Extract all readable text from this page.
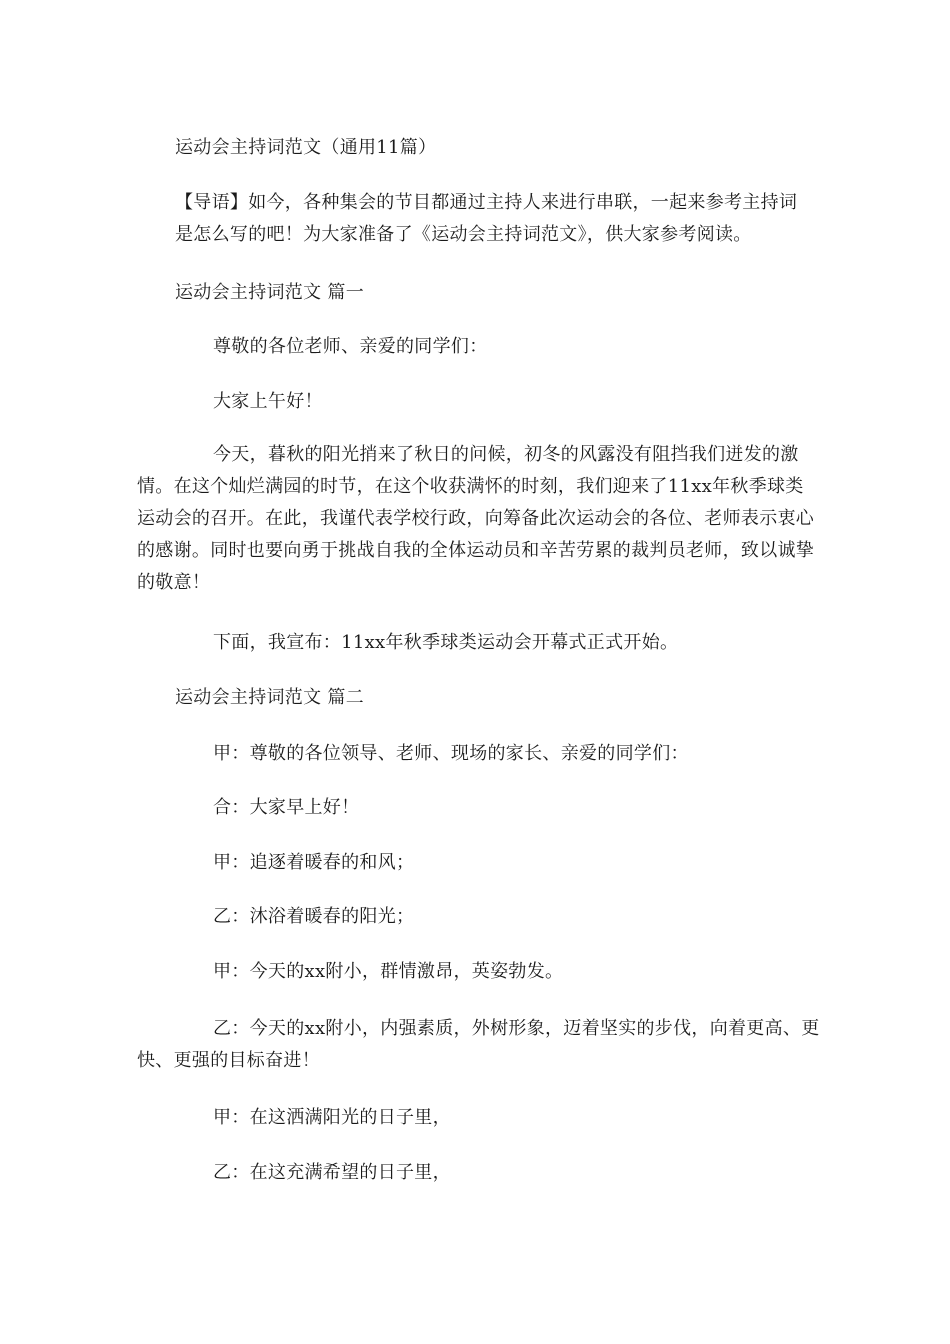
运动会主持词范文（通用11篇）
【导语】如今，各种集会的节目都通过主持人来进行串联，一起来参考主持词是怎么写的吧！为大家准备了《运动会主持词范文》，供大家参考阅读。
运动会主持词范文 篇一
尊敬的各位老师、亲爱的同学们：
大家上午好！
今天，暮秋的阳光捎来了秋日的问候，初冬的风露没有阻挡我们迸发的激情。在这个灿烂满园的时节，在这个收获满怀的时刻，我们迎来了11xx年秋季球类运动会的召开。在此，我谨代表学校行政，向筹备此次运动会的各位、老师表示衷心的感谢。同时也要向勇于挑战自我的全体运动员和辛苦劳累的裁判员老师，致以诚挚的敬意！
下面，我宣布：11xx年秋季球类运动会开幕式正式开始。
运动会主持词范文 篇二
甲：尊敬的各位领导、老师、现场的家长、亲爱的同学们：
合：大家早上好！
甲：追逐着暖春的和风；
乙：沐浴着暖春的阳光；
甲：今天的xx附小，群情激昂，英姿勃发。
乙：今天的xx附小，内强素质，外树形象，迈着坚实的步伐，向着更高、更快、更强的目标奋进！
甲：在这洒满阳光的日子里，
乙：在这充满希望的日子里，
